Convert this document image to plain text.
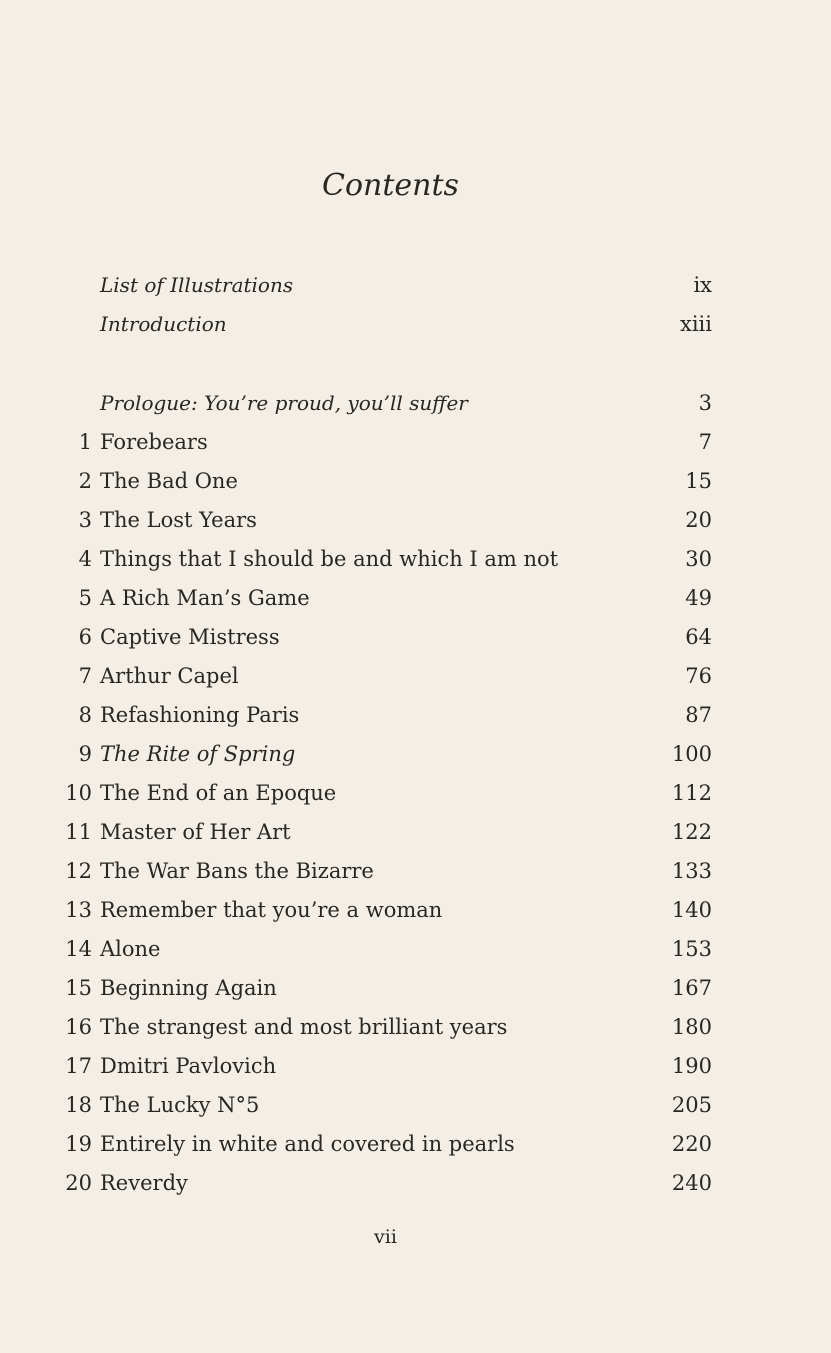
Contents
List of Illustrations	ix
Introduction	xiii
Prologue: You’re proud, you’ll suffer	3
1 Forebears	7
2 The Bad One	15
3 The Lost Years	20
4 Things that I should be and which I am not	30
5 A Rich Man’s Game	49
6 Captive Mistress	64
7 Arthur Capel	76
8 Refashioning Paris	87
9 The Rite of Spring	100
10 The End of an Epoque	112
11 Master of Her Art	122
12 The War Bans the Bizarre	133
13 Remember that you’re a woman	140
14 Alone	153
15 Beginning Again	167
16 The strangest and most brilliant years	180
17 Dmitri Pavlovich	190
18 The Lucky N°5	205
19 Entirely in white and covered in pearls	220
20 Reverdy	240
vii
